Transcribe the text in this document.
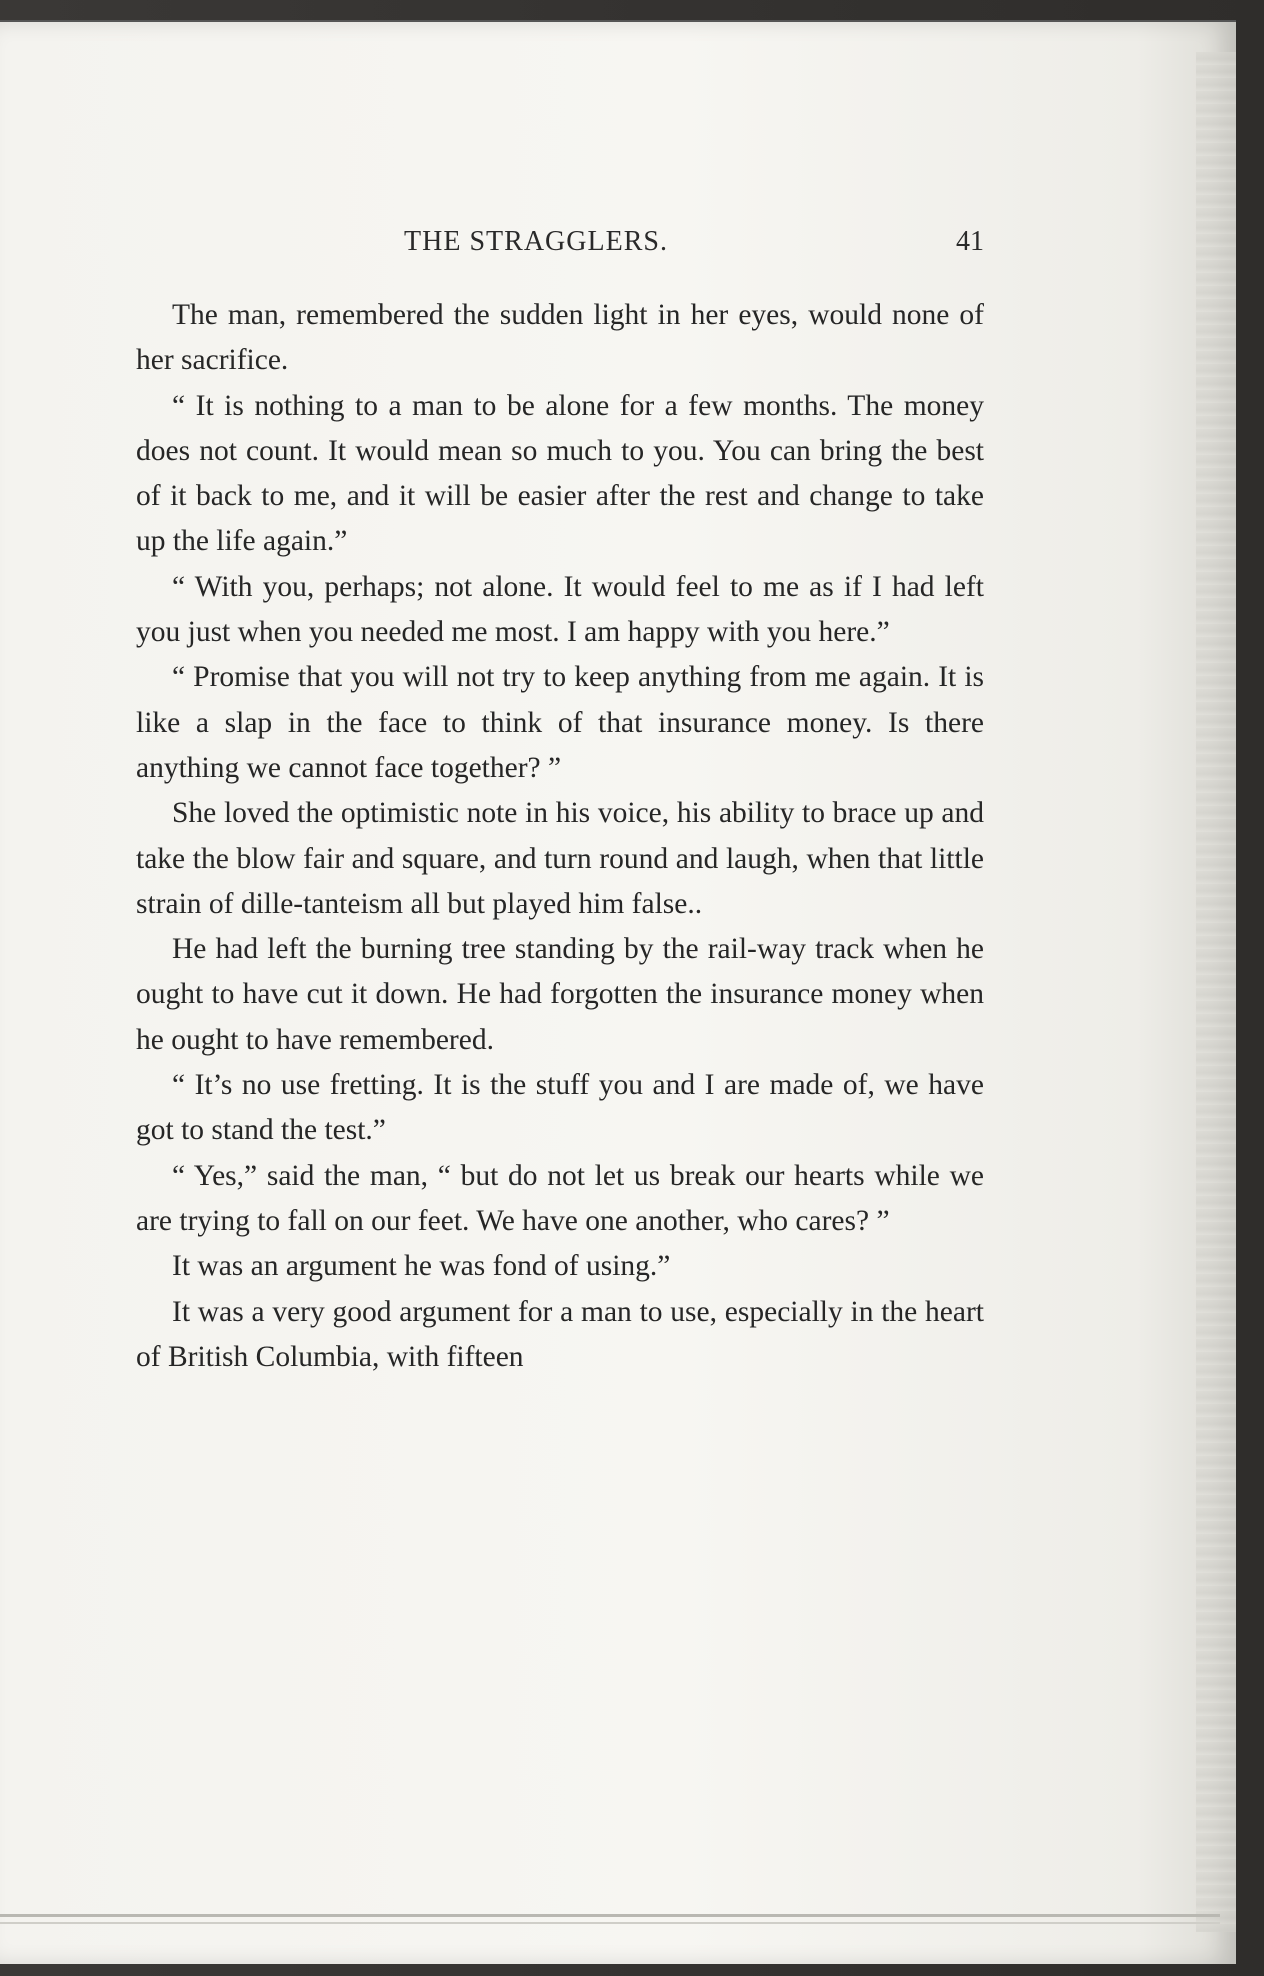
THE STRAGGLERS.	41

The man, remembered the sudden light in her eyes, would none of her sacrifice.

“ It is nothing to a man to be alone for a few months. The money does not count. It would mean so much to you. You can bring the best of it back to me, and it will be easier after the rest and change to take up the life again.”

“ With you, perhaps; not alone. It would feel to me as if I had left you just when you needed me most. I am happy with you here.”

“ Promise that you will not try to keep anything from me again. It is like a slap in the face to think of that insurance money. Is there anything we cannot face together? ”

She loved the optimistic note in his voice, his ability to brace up and take the blow fair and square, and turn round and laugh, when that little strain of dille-tanteism all but played him false..

He had left the burning tree standing by the rail-way track when he ought to have cut it down. He had forgotten the insurance money when he ought to have remembered.

“ It’s no use fretting. It is the stuff you and I are made of, we have got to stand the test.”

“ Yes,” said the man, “ but do not let us break our hearts while we are trying to fall on our feet. We have one another, who cares? ”

It was an argument he was fond of using.”

It was a very good argument for a man to use, especially in the heart of British Columbia, with fifteen
